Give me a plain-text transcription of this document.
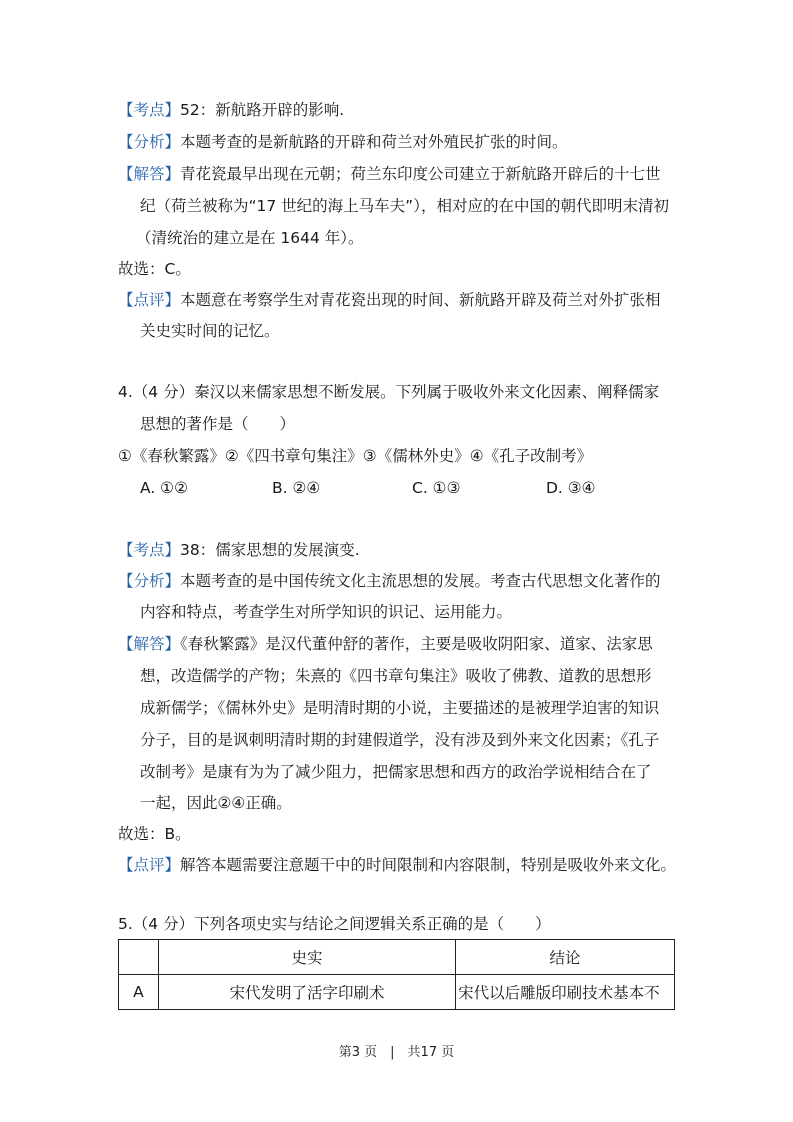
【考点】52：新航路开辟的影响.
【分析】本题考查的是新航路的开辟和荷兰对外殖民扩张的时间。
【解答】青花瓷最早出现在元朝；荷兰东印度公司建立于新航路开辟后的十七世
纪（荷兰被称为“17 世纪的海上马车夫”），相对应的在中国的朝代即明末清初
（清统治的建立是在 1644 年）。
故选：C。
【点评】本题意在考察学生对青花瓷出现的时间、新航路开辟及荷兰对外扩张相
关史实时间的记忆。
4.（4 分）秦汉以来儒家思想不断发展。下列属于吸收外来文化因素、阐释儒家
思想的著作是（　　）
①《春秋繁露》②《四书章句集注》③《儒林外史》④《孔子改制考》
A. ①②	B. ②④	C. ①③	D. ③④
【考点】38：儒家思想的发展演变.
【分析】本题考查的是中国传统文化主流思想的发展。考查古代思想文化著作的
内容和特点，考查学生对所学知识的识记、运用能力。
【解答】《春秋繁露》是汉代董仲舒的著作，主要是吸收阴阳家、道家、法家思
想，改造儒学的产物；朱熹的《四书章句集注》吸收了佛教、道教的思想形
成新儒学；《儒林外史》是明清时期的小说，主要描述的是被理学迫害的知识
分子，目的是讽刺明清时期的封建假道学，没有涉及到外来文化因素；《孔子
改制考》是康有为为了减少阻力，把儒家思想和西方的政治学说相结合在了
一起，因此②④正确。
故选：B。
【点评】解答本题需要注意题干中的时间限制和内容限制，特别是吸收外来文化。
5.（4 分）下列各项史实与结论之间逻辑关系正确的是（　　）
	史实	结论
A	宋代发明了活字印刷术	宋代以后雕版印刷技术基本不
第3 页　|　共17 页
